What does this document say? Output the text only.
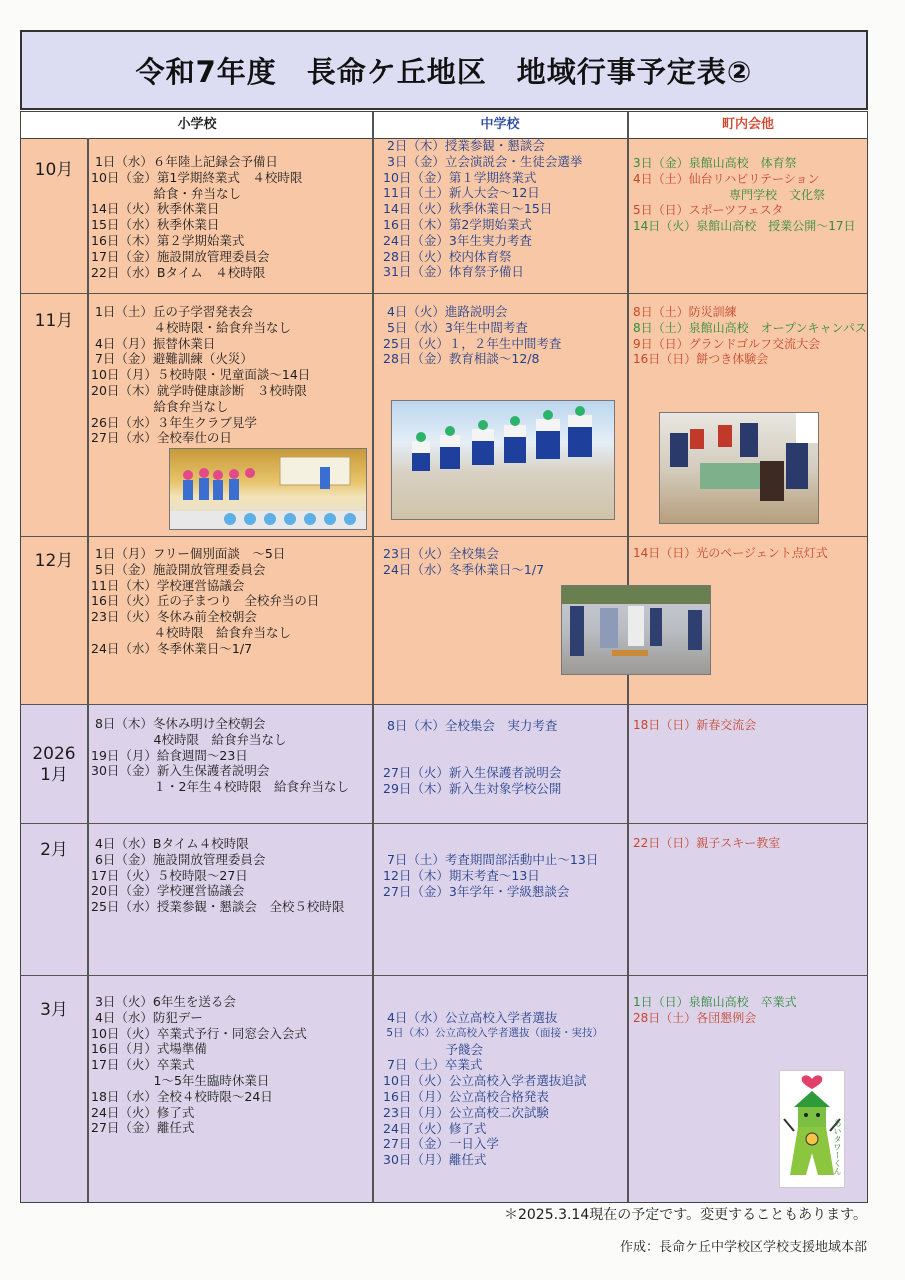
令和7年度　長命ケ丘地区　地域行事予定表②
小学校	中学校	町内会他
10月
11月
12月
2026
1月
2月
3月
1日（水）６年陸上記録会予備日
10日（金）第1学期終業式　４校時限
　　　　　給食・弁当なし
14日（火）秋季休業日
15日（水）秋季休業日
16日（木）第２学期始業式
17日（金）施設開放管理委員会
22日（水）Bタイム　４校時限
2日（木）授業参観・懇談会
3日（金）立会演説会・生徒会選挙
10日（金）第１学期終業式
11日（土）新人大会～12日
14日（火）秋季休業日～15日
16日（木）第2学期始業式
24日（金）3年生実力考査
28日（火）校内体育祭
31日（金）体育祭予備日
3日（金）泉館山高校　体育祭
4日（土）仙台リハビリテーション
　　　　　　　　専門学校　文化祭
5日（日）スポーツフェスタ
14日（火）泉館山高校　授業公開～17日
1日（土）丘の子学習発表会
　　　　　４校時限・給食弁当なし
4日（月）振替休業日
7日（金）避難訓練（火災）
10日（月）５校時限・児童面談～14日
20日（木）就学時健康診断　３校時限
　　　　　給食弁当なし
26日（水）３年生クラブ見学
27日（水）全校奉仕の日
4日（火）進路説明会
5日（水）3年生中間考査
25日（火）１，２年生中間考査
28日（金）教育相談～12/8
8日（土）防災訓練
8日（土）泉館山高校　オープンキャンパス
9日（日）グランドゴルフ交流大会
16日（日）餅つき体験会
1日（月）フリー個別面談　～5日
5日（金）施設開放管理委員会
11日（木）学校運営協議会
16日（火）丘の子まつり　全校弁当の日
23日（火）冬休み前全校朝会
　　　　　４校時限　給食弁当なし
24日（水）冬季休業日～1/7
23日（火）全校集会
24日（水）冬季休業日～1/7
14日（日）光のページェント点灯式
8日（木）冬休み明け全校朝会
　　　　　4校時限　給食弁当なし
19日（月）給食週間～23日
30日（金）新入生保護者説明会
　　　　　１・2年生４校時限　給食弁当なし
8日（木）全校集会　実力考査
27日（火）新入生保護者説明会
29日（木）新入生対象学校公開
18日（日）新春交流会
4日（水）Bタイム４校時限
6日（金）施設開放管理委員会
17日（火）５校時限～27日
20日（金）学校運営協議会
25日（水）授業参観・懇談会　全校５校時限
7日（土）考査期間部活動中止～13日
12日（木）期末考査～13日
27日（金）3年学年・学級懇談会
22日（日）親子スキー教室
3日（火）6年生を送る会
4日（水）防犯デー
10日（火）卒業式予行・同窓会入会式
16日（月）式場準備
17日（火）卒業式
　　　　　1～5年生臨時休業日
18日（水）全校４校時限～24日
24日（火）修了式
27日（金）離任式
4日（水）公立高校入学者選抜
5日（木）公立高校入学者選抜（面接・実技）
　　　　　予餞会
7日（土）卒業式
10日（火）公立高校入学者選抜追試
16日（月）公立高校合格発表
23日（月）公立高校二次試験
24日（火）修了式
27日（金）一日入学
30日（月）離任式
1日（日）泉館山高校　卒業式
28日（土）各団懇例会
あいタワーくん
＊2025.3.14現在の予定です。変更することもあります。
作成：長命ケ丘中学校区学校支援地域本部
